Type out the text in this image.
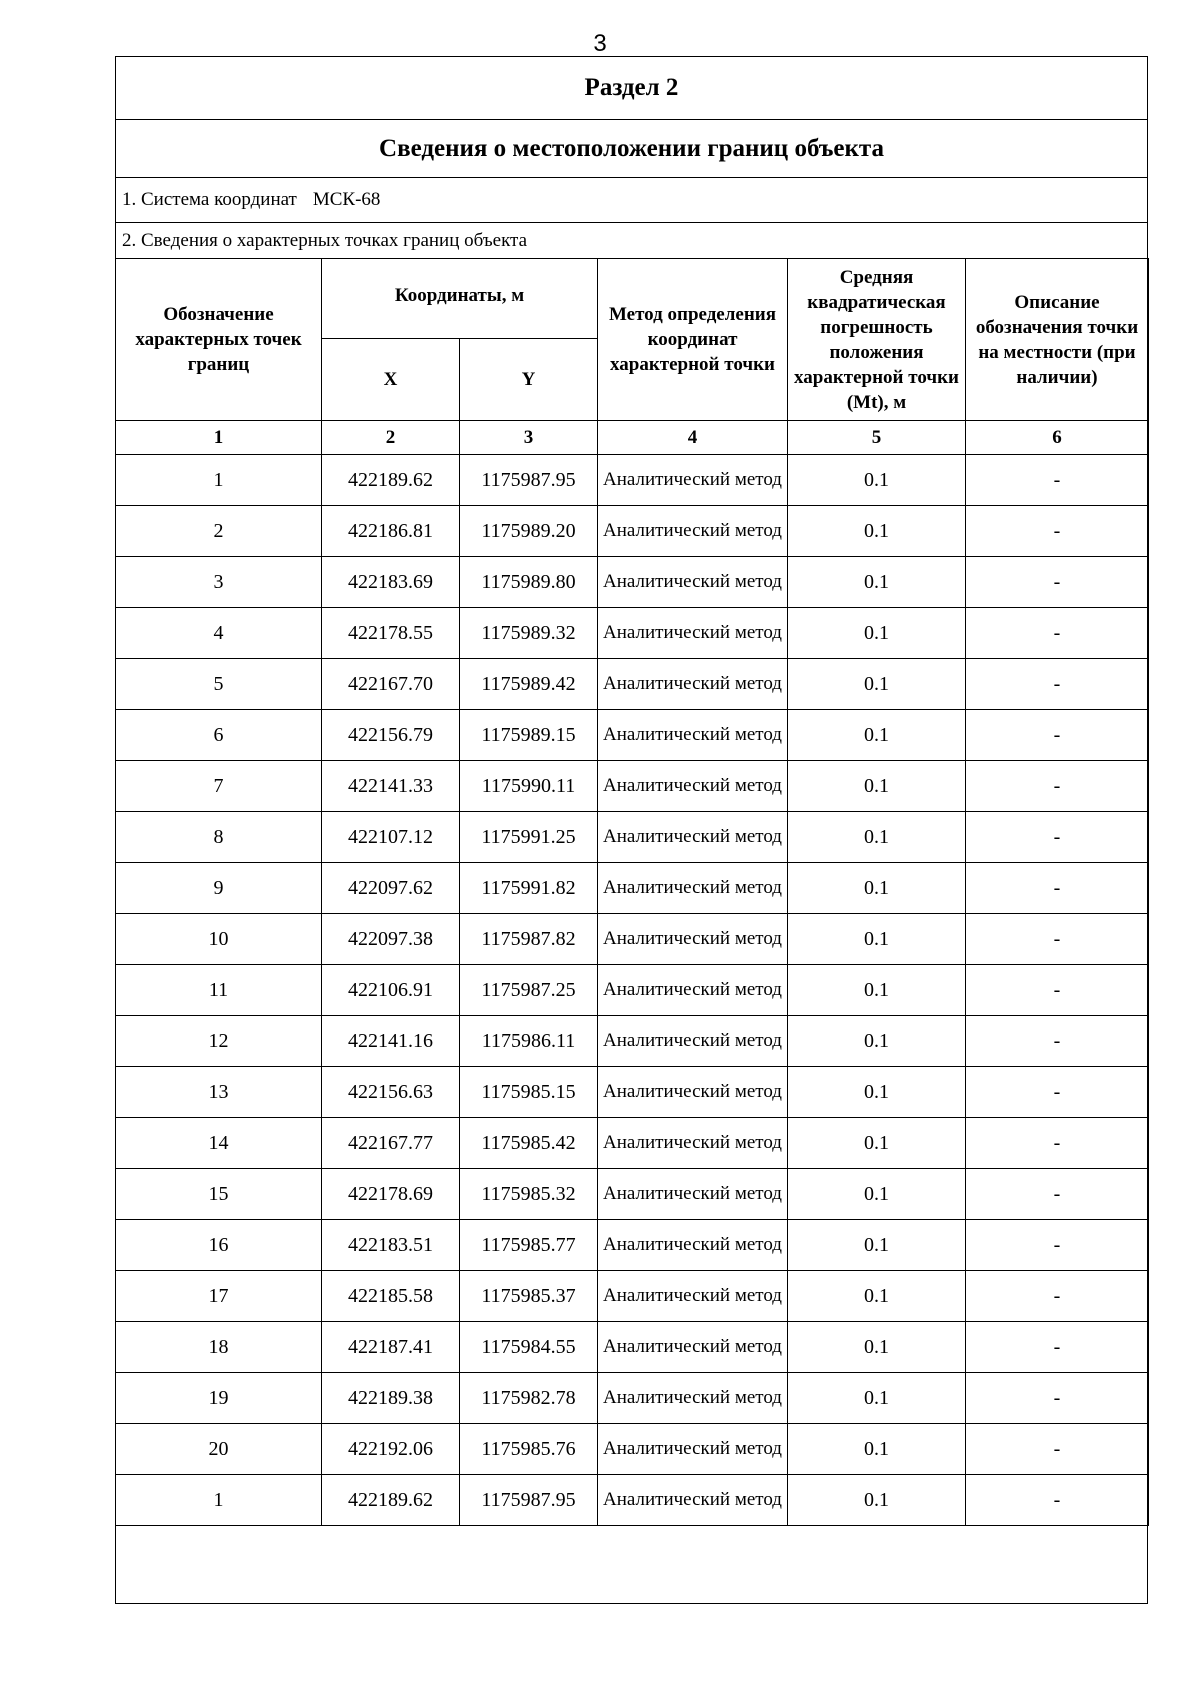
3
Раздел 2
Сведения о местоположении границ объекта
1. Система координат МСК-68
2. Сведения о характерных точках границ объекта
Обозначение характерных точек границ	Координаты, м		Метод определения координат характерной точки	Средняя квадратическая погрешность положения характерной точки (Mt), м	Описание обозначения точки на местности (при наличии)
	X	Y			
1	2	3	4	5	6
1	422189.62	1175987.95	Аналитический метод	0.1	-
2	422186.81	1175989.20	Аналитический метод	0.1	-
3	422183.69	1175989.80	Аналитический метод	0.1	-
4	422178.55	1175989.32	Аналитический метод	0.1	-
5	422167.70	1175989.42	Аналитический метод	0.1	-
6	422156.79	1175989.15	Аналитический метод	0.1	-
7	422141.33	1175990.11	Аналитический метод	0.1	-
8	422107.12	1175991.25	Аналитический метод	0.1	-
9	422097.62	1175991.82	Аналитический метод	0.1	-
10	422097.38	1175987.82	Аналитический метод	0.1	-
11	422106.91	1175987.25	Аналитический метод	0.1	-
12	422141.16	1175986.11	Аналитический метод	0.1	-
13	422156.63	1175985.15	Аналитический метод	0.1	-
14	422167.77	1175985.42	Аналитический метод	0.1	-
15	422178.69	1175985.32	Аналитический метод	0.1	-
16	422183.51	1175985.77	Аналитический метод	0.1	-
17	422185.58	1175985.37	Аналитический метод	0.1	-
18	422187.41	1175984.55	Аналитический метод	0.1	-
19	422189.38	1175982.78	Аналитический метод	0.1	-
20	422192.06	1175985.76	Аналитический метод	0.1	-
1	422189.62	1175987.95	Аналитический метод	0.1	-
